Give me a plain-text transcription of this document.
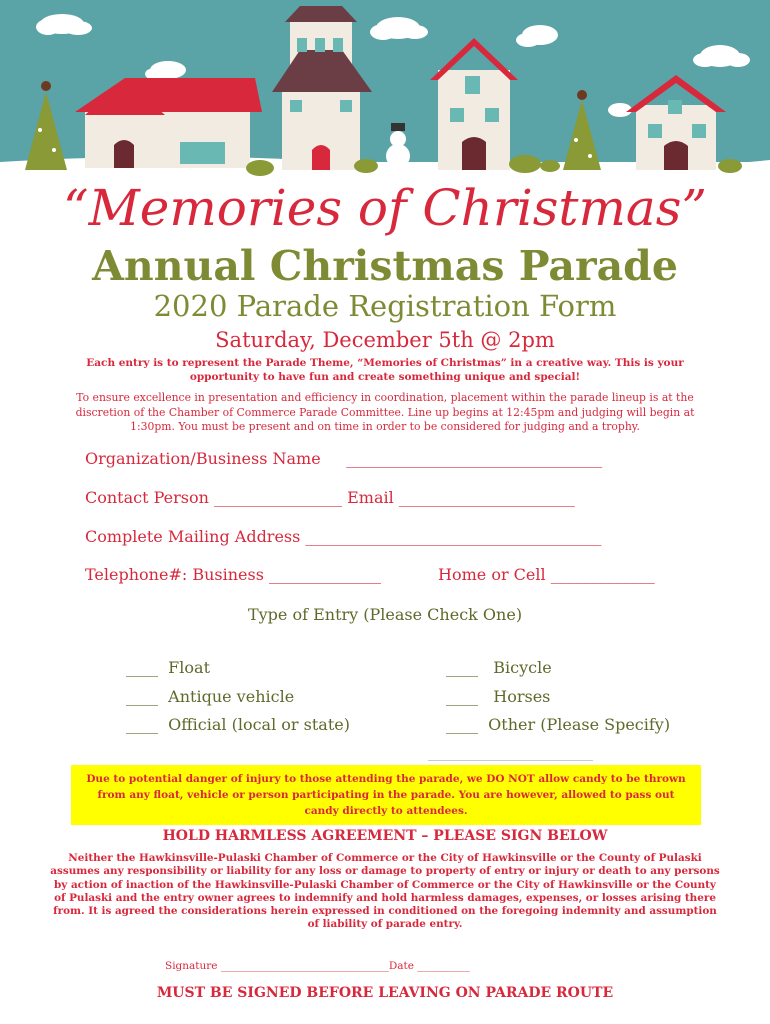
“Memories of Christmas”
Annual Christmas Parade
2020 Parade Registration Form
Saturday, December 5th @ 2pm
Each entry is to represent the Parade Theme, “Memories of Christmas” in a creative way. This is your opportunity to have fun and create something unique and special!
To ensure excellence in presentation and efficiency in coordination, placement within the parade lineup is at the discretion of the Chamber of Commerce Parade Committee. Line up begins at 12:45pm and judging will begin at 1:30pm. You must be present and on time in order to be considered for judging and a trophy.
Organization/Business Name     ________________________________
Contact Person ________________ Email ______________________
Complete Mailing Address _____________________________________
Telephone#: Business ______________	Home or Cell _____________
Type of Entry (Please Check One)
____  Float
____  Antique vehicle
____  Official (local or state)
____   Bicycle
____   Horses
____  Other (Please Specify)
______________________________
Due to potential danger of injury to those attending the parade, we DO NOT allow candy to be thrown from any float, vehicle or person participating in the parade. You are however, allowed to pass out candy directly to attendees.
HOLD HARMLESS AGREEMENT – PLEASE SIGN BELOW
Neither the Hawkinsville-Pulaski Chamber of Commerce or the City of Hawkinsville or the County of Pulaski assumes any responsibility or liability for any loss or damage to property of entry or injury or death to any persons by action of inaction of the Hawkinsville-Pulaski Chamber of Commerce or the City of Hawkinsville or the County of Pulaski and the entry owner agrees to indemnify and hold harmless damages, expenses, or losses arising there from. It is agreed the considerations herein expressed in conditioned on the foregoing indemnity and assumption of liability of parade entry.
Signature ________________________________Date __________
MUST BE SIGNED BEFORE LEAVING ON PARADE ROUTE
